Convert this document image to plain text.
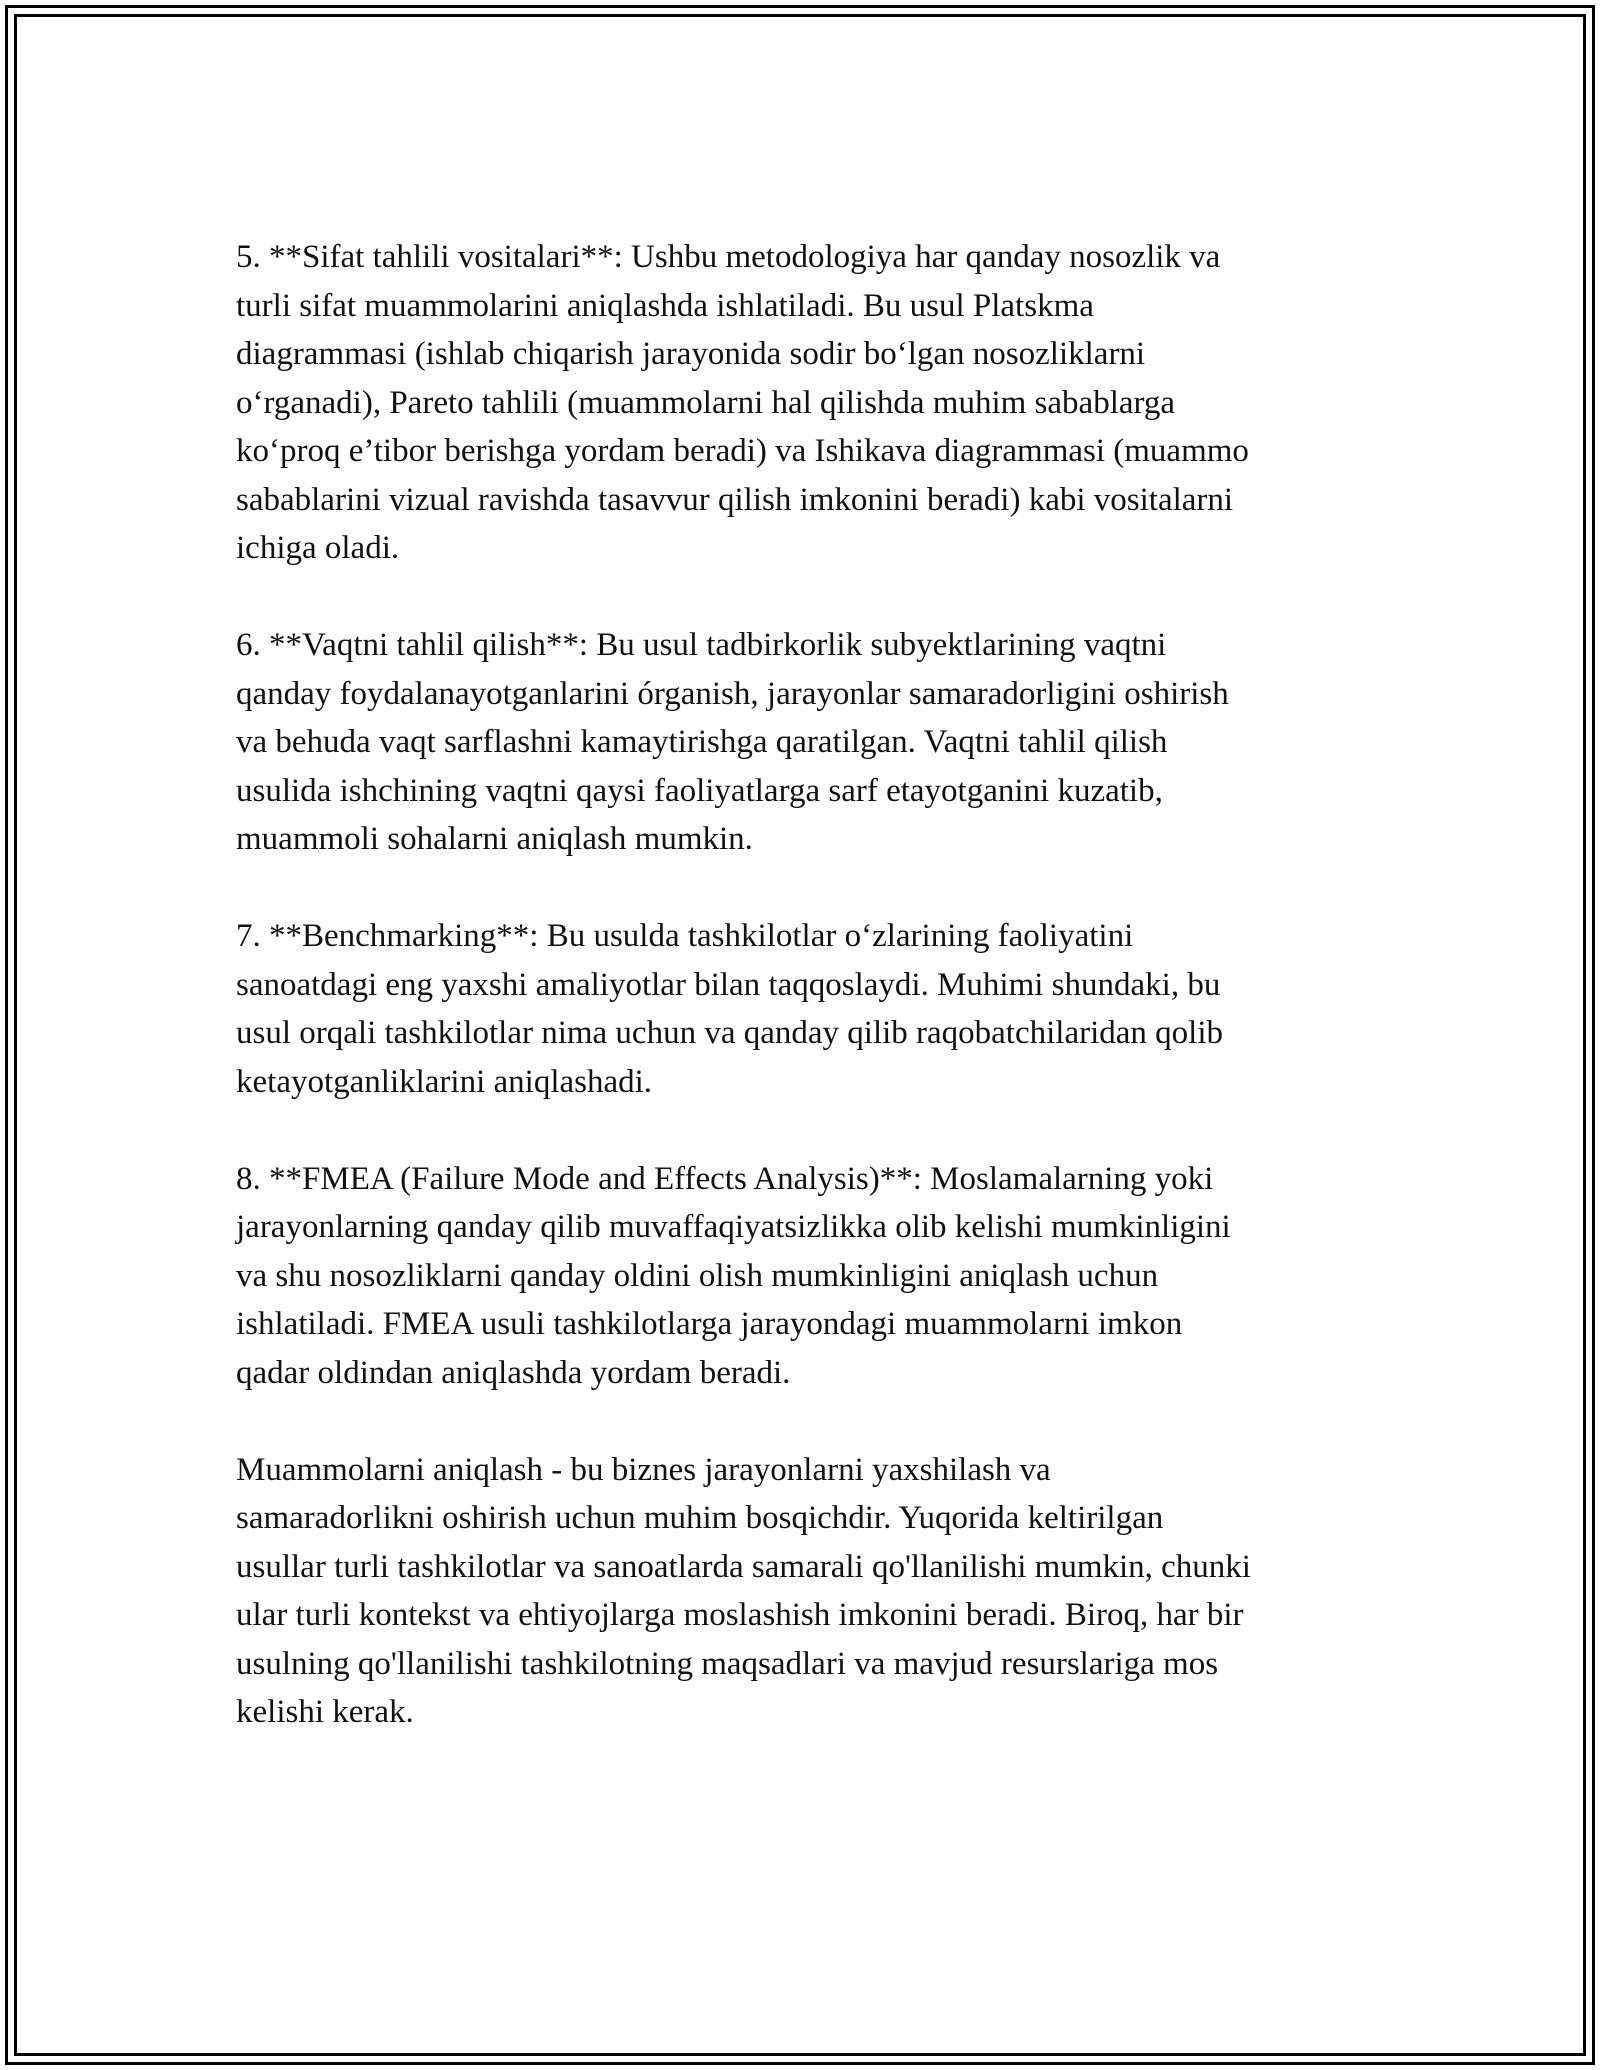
5. **Sifat tahlili vositalari**: Ushbu metodologiya har qanday nosozlik va
turli sifat muammolarini aniqlashda ishlatiladi. Bu usul Platskma
diagrammasi (ishlab chiqarish jarayonida sodir bo‘lgan nosozliklarni
o‘rganadi), Pareto tahlili (muammolarni hal qilishda muhim sabablarga
ko‘proq e’tibor berishga yordam beradi) va Ishikava diagrammasi (muammo
sabablarini vizual ravishda tasavvur qilish imkonini beradi) kabi vositalarni
ichiga oladi.

6. **Vaqtni tahlil qilish**: Bu usul tadbirkorlik subyektlarining vaqtni
qanday foydalanayotganlarini órganish, jarayonlar samaradorligini oshirish
va behuda vaqt sarflashni kamaytirishga qaratilgan. Vaqtni tahlil qilish
usulida ishchining vaqtni qaysi faoliyatlarga sarf etayotganini kuzatib,
muammoli sohalarni aniqlash mumkin.

7. **Benchmarking**: Bu usulda tashkilotlar o‘zlarining faoliyatini
sanoatdagi eng yaxshi amaliyotlar bilan taqqoslaydi. Muhimi shundaki, bu
usul orqali tashkilotlar nima uchun va qanday qilib raqobatchilaridan qolib
ketayotganliklarini aniqlashadi.

8. **FMEA (Failure Mode and Effects Analysis)**: Moslamalarning yoki
jarayonlarning qanday qilib muvaffaqiyatsizlikka olib kelishi mumkinligini
va shu nosozliklarni qanday oldini olish mumkinligini aniqlash uchun
ishlatiladi. FMEA usuli tashkilotlarga jarayondagi muammolarni imkon
qadar oldindan aniqlashda yordam beradi.

Muammolarni aniqlash - bu biznes jarayonlarni yaxshilash va
samaradorlikni oshirish uchun muhim bosqichdir. Yuqorida keltirilgan
usullar turli tashkilotlar va sanoatlarda samarali qo'llanilishi mumkin, chunki
ular turli kontekst va ehtiyojlarga moslashish imkonini beradi. Biroq, har bir
usulning qo'llanilishi tashkilotning maqsadlari va mavjud resurslariga mos
kelishi kerak.
